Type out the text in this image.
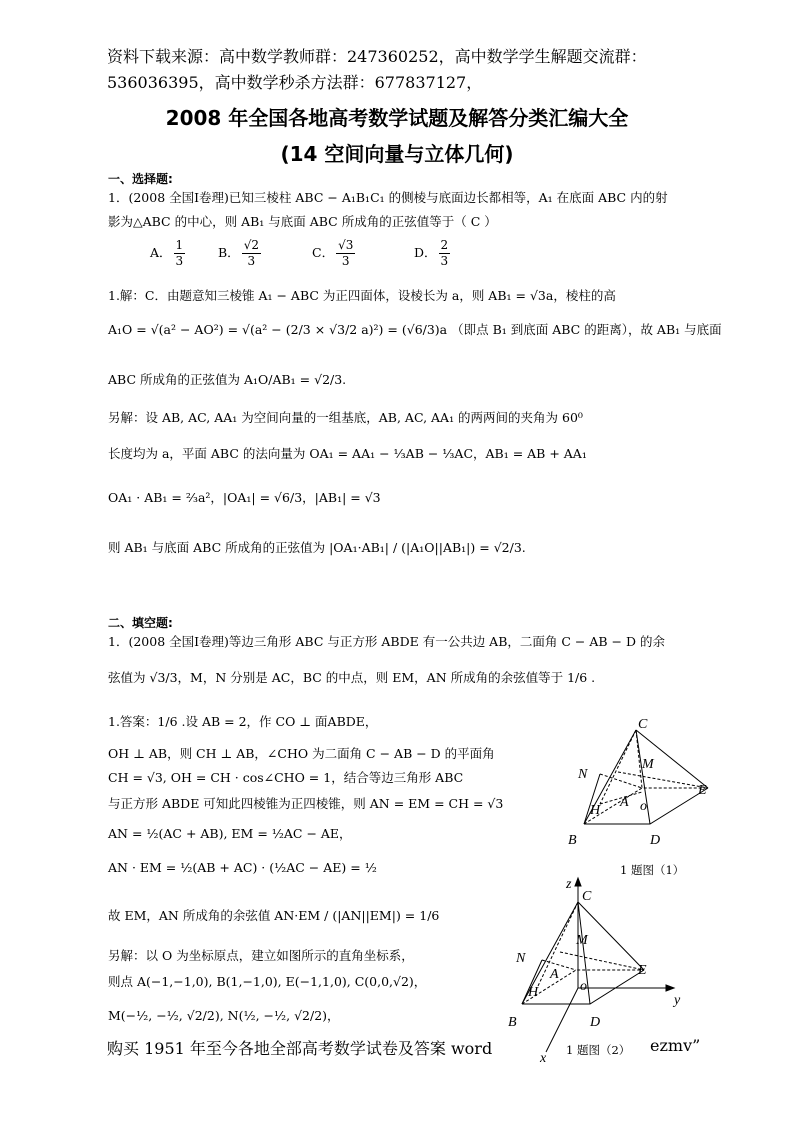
资料下载来源：高中数学教师群：247360252，高中数学学生解题交流群：
536036395，高中数学秒杀方法群：677837127，
2008 年全国各地高考数学试题及解答分类汇编大全
(14 空间向量与立体几何)
一、选择题:
1．(2008 全国Ⅰ卷理)已知三棱柱 ABC − A₁B₁C₁ 的侧棱与底面边长都相等，A₁ 在底面 ABC 内的射
影为△ABC 的中心，则 AB₁ 与底面 ABC 所成角的正弦值等于（ C ）
A． $\frac{1}{3}$	B． $\frac{√2}{3}$	C． $\frac{√3}{3}$	D． $\frac{2}{3}$
1.解：C．由题意知三棱锥 A₁ − ABC 为正四面体，设棱长为 a，则 AB₁ = √3a，棱柱的高
A₁O = √(a² − AO²) = √(a² − (2/3 × √3/2 a)²) = (√6/3)a （即点 B₁ 到底面 ABC 的距离），故 AB₁ 与底面
ABC 所成角的正弦值为 A₁O/AB₁ = √2/3.
另解：设 AB, AC, AA₁ 为空间向量的一组基底，AB, AC, AA₁ 的两两间的夹角为 60⁰
长度均为 a，平面 ABC 的法向量为 OA₁ = AA₁ − ⅓AB − ⅓AC，AB₁ = AB + AA₁
OA₁ · AB₁ = ⅔a²，|OA₁| = √6/3，|AB₁| = √3
则 AB₁ 与底面 ABC 所成角的正弦值为 |OA₁·AB₁| / (|A₁O||AB₁|) = √2/3.
二、填空题:
1．(2008 全国Ⅰ卷理)等边三角形 ABC 与正方形 ABDE 有一公共边 AB，二面角 C − AB − D 的余
弦值为 √3/3，M，N 分别是 AC，BC 的中点，则 EM，AN 所成角的余弦值等于 1/6 .
1.答案：1/6 .设 AB = 2，作 CO ⊥ 面ABDE，
OH ⊥ AB，则 CH ⊥ AB，∠CHO 为二面角 C − AB − D 的平面角
CH = √3, OH = CH · cos∠CHO = 1，结合等边三角形 ABC
与正方形 ABDE 可知此四棱锥为正四棱锥，则 AN = EM = CH = √3
AN = ½(AC + AB), EM = ½AC − AE，
AN · EM = ½(AB + AC) · (½AC − AE) = ½
故 EM，AN 所成角的余弦值 AN·EM / (|AN||EM|) = 1/6
另解：以 O 为坐标原点，建立如图所示的直角坐标系，
则点 A(−1,−1,0), B(1,−1,0), E(−1,1,0), C(0,0,√2)，
M(−½, −½, √2/2), N(½, −½, √2/2)，
C
N
M
A o
H
E
B	D
1 题图（1）
z
C
M
N
E
A
o
H
y
B	D
x
购买 1951 年至今各地全部高考数学试卷及答案 word	1 题图（2） ezmv”
